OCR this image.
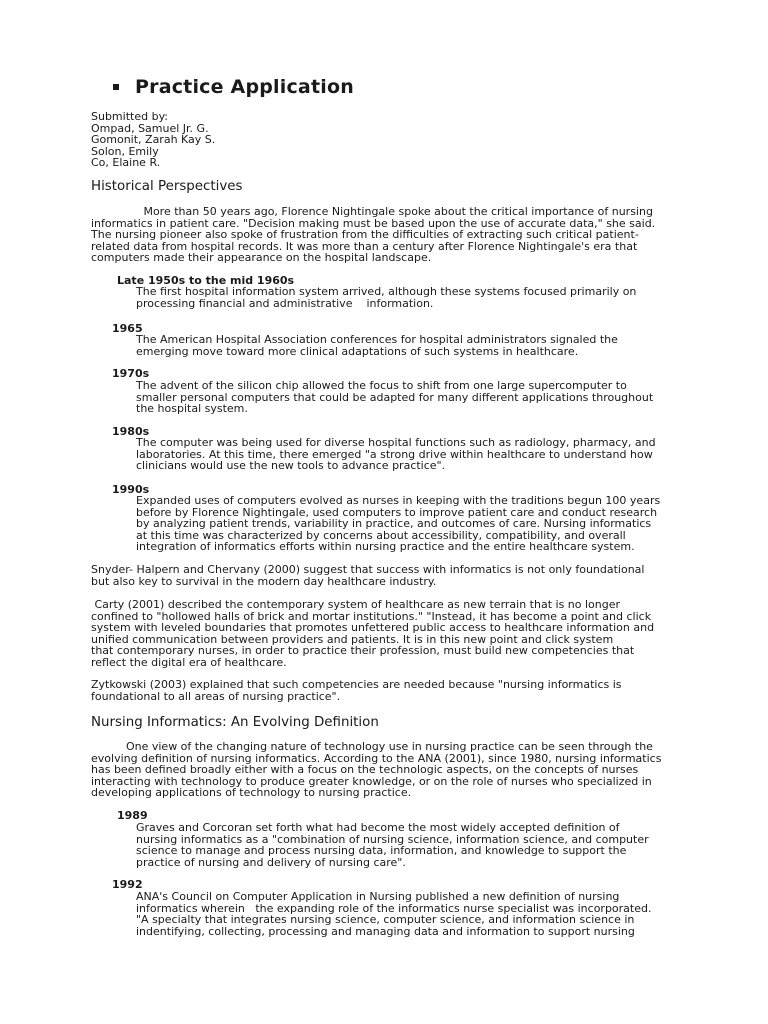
Practice Application
Submitted by:
Ompad, Samuel Jr. G.
Gomonit, Zarah Kay S.
Solon, Emily
Co, Elaine R.
Historical Perspectives
More than 50 years ago, Florence Nightingale spoke about the critical importance of nursing
informatics in patient care. "Decision making must be based upon the use of accurate data," she said.
The nursing pioneer also spoke of frustration from the difficulties of extracting such critical patient-
related data from hospital records. It was more than a century after Florence Nightingale's era that
computers made their appearance on the hospital landscape.
Late 1950s to the mid 1960s
The first hospital information system arrived, although these systems focused primarily on
processing financial and administrative    information.
1965
The American Hospital Association conferences for hospital administrators signaled the
emerging move toward more clinical adaptations of such systems in healthcare.
1970s
The advent of the silicon chip allowed the focus to shift from one large supercomputer to
smaller personal computers that could be adapted for many different applications throughout
the hospital system.
1980s
The computer was being used for diverse hospital functions such as radiology, pharmacy, and
laboratories. At this time, there emerged "a strong drive within healthcare to understand how
clinicians would use the new tools to advance practice".
1990s
Expanded uses of computers evolved as nurses in keeping with the traditions begun 100 years
before by Florence Nightingale, used computers to improve patient care and conduct research
by analyzing patient trends, variability in practice, and outcomes of care. Nursing informatics
at this time was characterized by concerns about accessibility, compatibility, and overall
integration of informatics efforts within nursing practice and the entire healthcare system.
Snyder- Halpern and Chervany (2000) suggest that success with informatics is not only foundational
but also key to survival in the modern day healthcare industry.
Carty (2001) described the contemporary system of healthcare as new terrain that is no longer
confined to "hollowed halls of brick and mortar institutions." "Instead, it has become a point and click
system with leveled boundaries that promotes unfettered public access to healthcare information and
unified communication between providers and patients. It is in this new point and click system
that contemporary nurses, in order to practice their profession, must build new competencies that
reflect the digital era of healthcare.
Zytkowski (2003) explained that such competencies are needed because "nursing informatics is
foundational to all areas of nursing practice".
Nursing Informatics: An Evolving Definition
One view of the changing nature of technology use in nursing practice can be seen through the
evolving definition of nursing informatics. According to the ANA (2001), since 1980, nursing informatics
has been defined broadly either with a focus on the technologic aspects, on the concepts of nurses
interacting with technology to produce greater knowledge, or on the role of nurses who specialized in
developing applications of technology to nursing practice.
1989
Graves and Corcoran set forth what had become the most widely accepted definition of
nursing informatics as a "combination of nursing science, information science, and computer
science to manage and process nursing data, information, and knowledge to support the
practice of nursing and delivery of nursing care".
1992
ANA's Council on Computer Application in Nursing published a new definition of nursing
informatics wherein   the expanding role of the informatics nurse specialist was incorporated.
"A specialty that integrates nursing science, computer science, and information science in
indentifying, collecting, processing and managing data and information to support nursing
